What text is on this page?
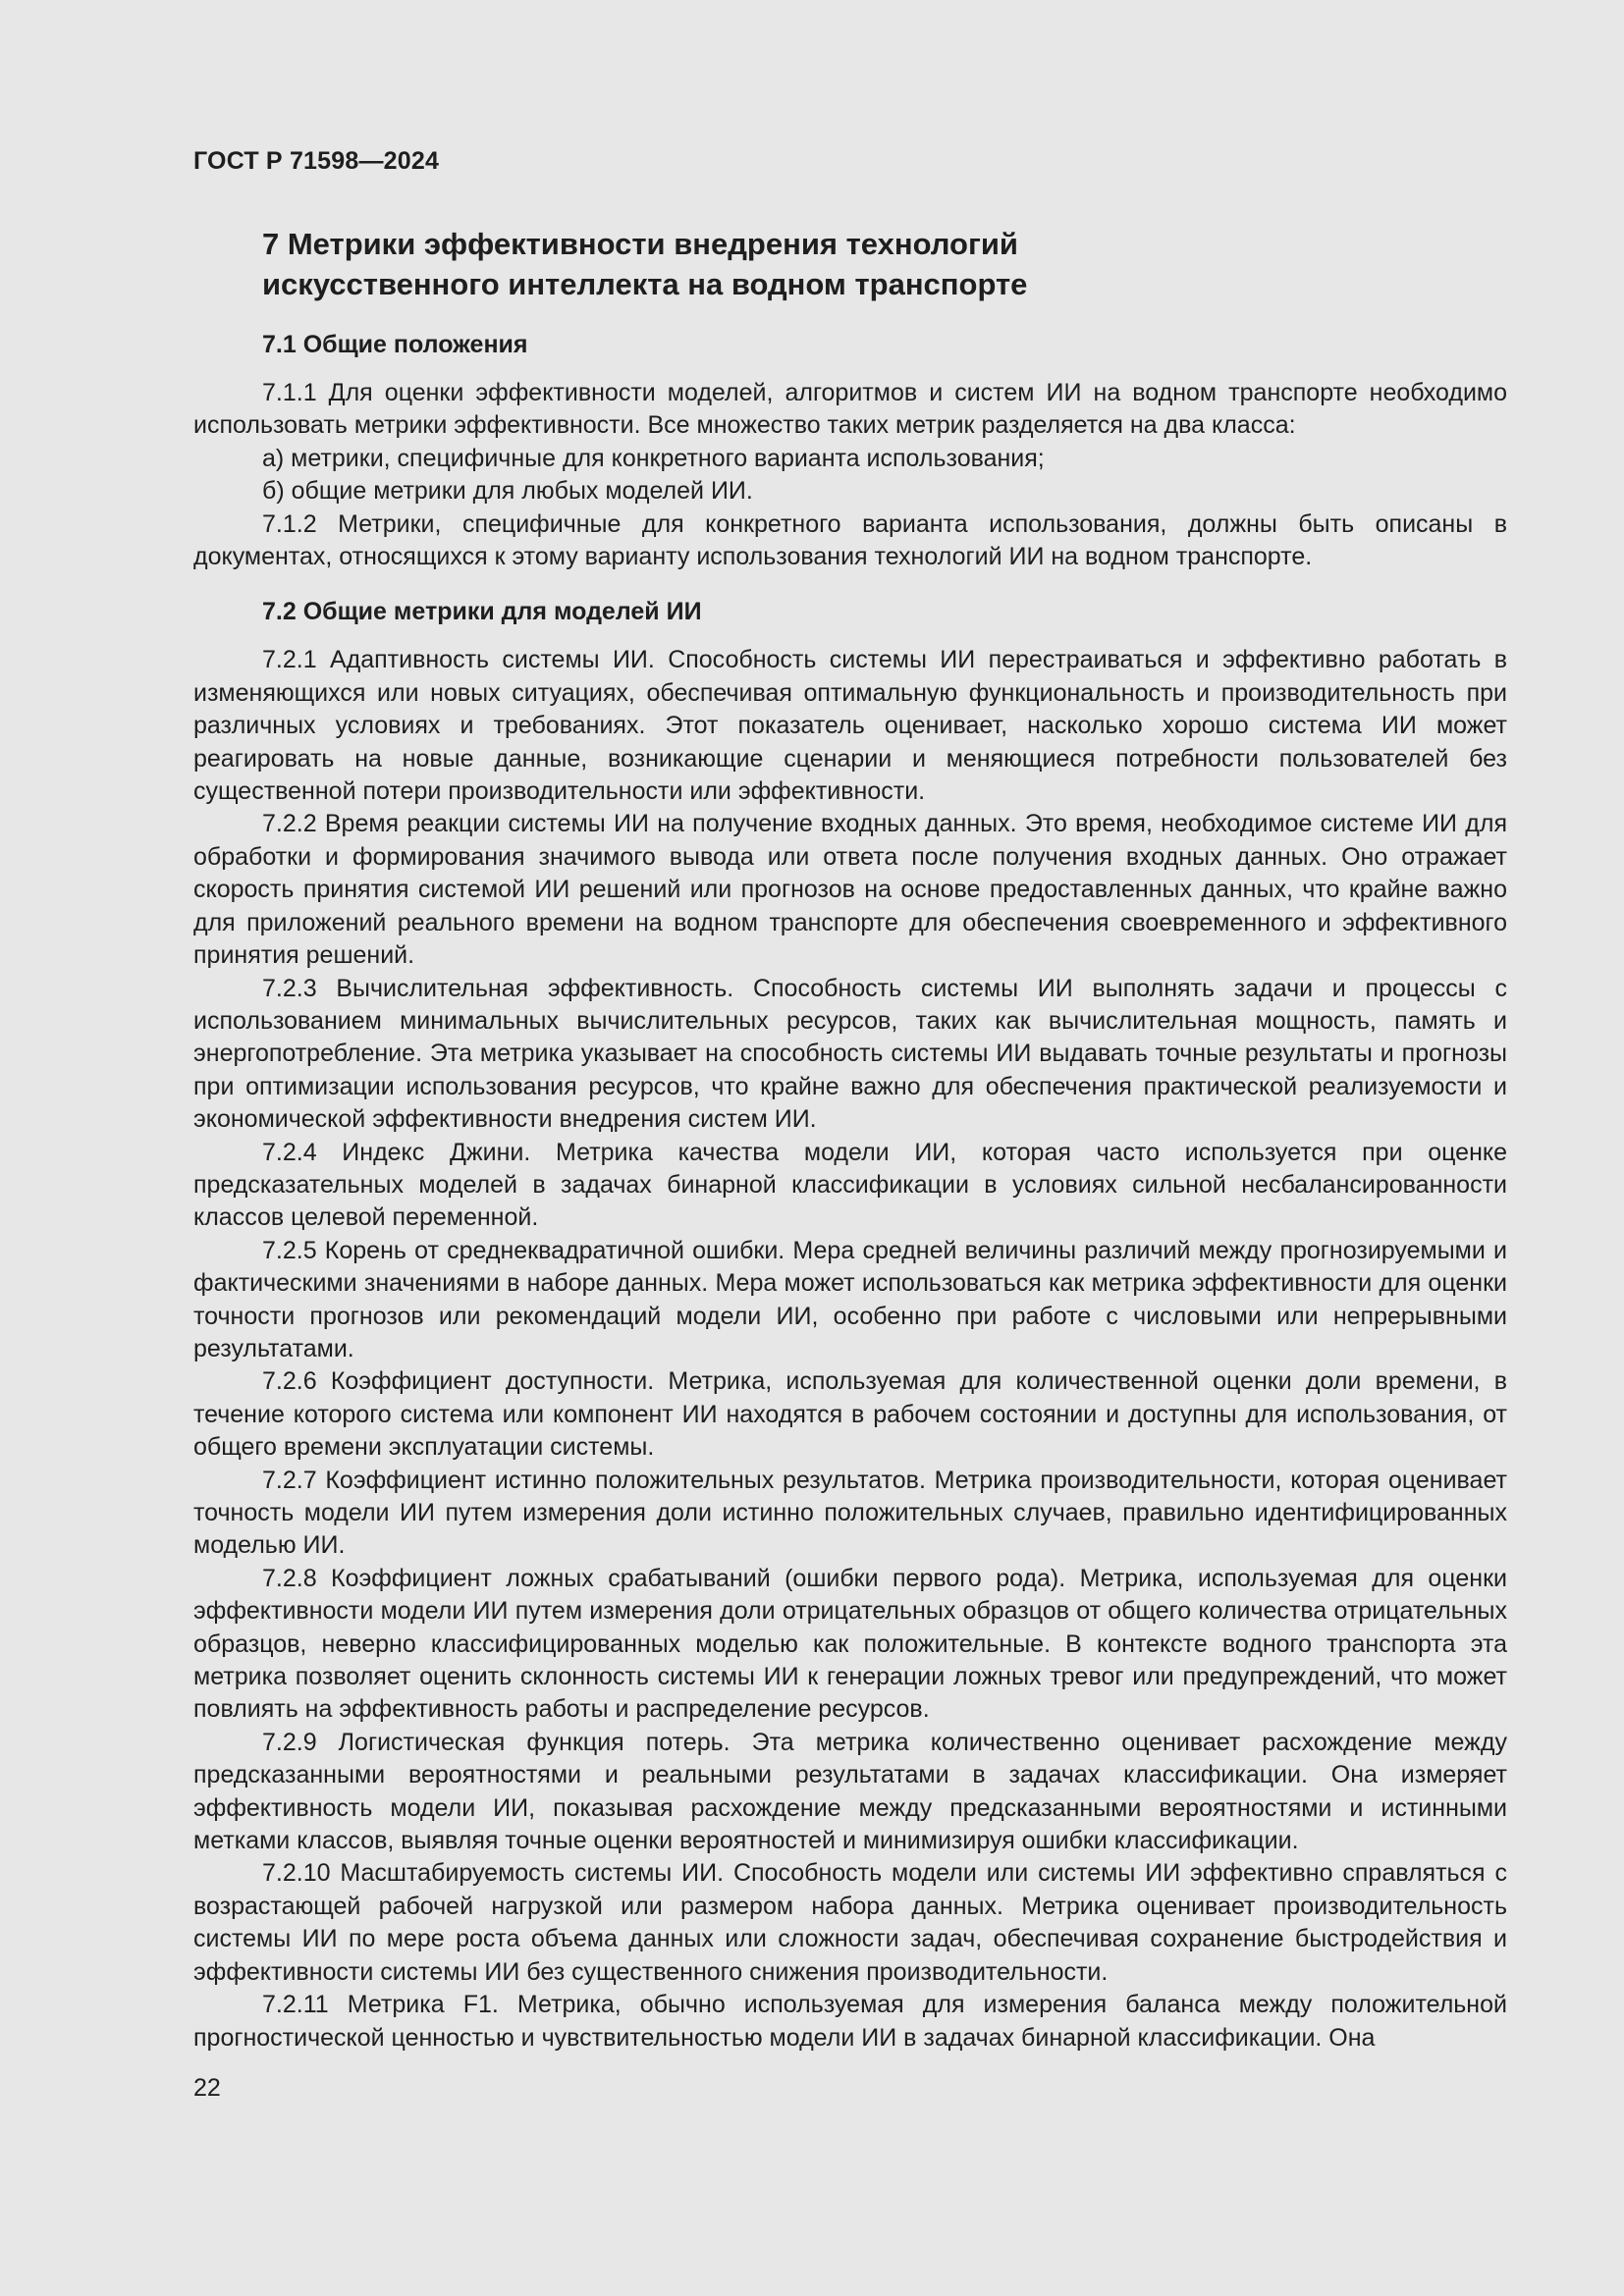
ГОСТ Р 71598—2024
7 Метрики эффективности внедрения технологий
искусственного интеллекта на водном транспорте
7.1 Общие положения

7.1.1 Для оценки эффективности моделей, алгоритмов и систем ИИ на водном транспорте необходимо использовать метрики эффективности. Все множество таких метрик разделяется на два класса:

а) метрики, специфичные для конкретного варианта использования;

б) общие метрики для любых моделей ИИ.

7.1.2 Метрики, специфичные для конкретного варианта использования, должны быть описаны в документах, относящихся к этому варианту использования технологий ИИ на водном транспорте.

7.2 Общие метрики для моделей ИИ

7.2.1 Адаптивность системы ИИ. Способность системы ИИ перестраиваться и эффективно работать в изменяющихся или новых ситуациях, обеспечивая оптимальную функциональность и производительность при различных условиях и требованиях. Этот показатель оценивает, насколько хорошо система ИИ может реагировать на новые данные, возникающие сценарии и меняющиеся потребности пользователей без существенной потери производительности или эффективности.

7.2.2 Время реакции системы ИИ на получение входных данных. Это время, необходимое системе ИИ для обработки и формирования значимого вывода или ответа после получения входных данных. Оно отражает скорость принятия системой ИИ решений или прогнозов на основе предоставленных данных, что крайне важно для приложений реального времени на водном транспорте для обеспечения своевременного и эффективного принятия решений.

7.2.3 Вычислительная эффективность. Способность системы ИИ выполнять задачи и процессы с использованием минимальных вычислительных ресурсов, таких как вычислительная мощность, память и энергопотребление. Эта метрика указывает на способность системы ИИ выдавать точные результаты и прогнозы при оптимизации использования ресурсов, что крайне важно для обеспечения практической реализуемости и экономической эффективности внедрения систем ИИ.

7.2.4 Индекс Джини. Метрика качества модели ИИ, которая часто используется при оценке предсказательных моделей в задачах бинарной классификации в условиях сильной несбалансированности классов целевой переменной.

7.2.5 Корень от среднеквадратичной ошибки. Мера средней величины различий между прогнозируемыми и фактическими значениями в наборе данных. Мера может использоваться как метрика эффективности для оценки точности прогнозов или рекомендаций модели ИИ, особенно при работе с числовыми или непрерывными результатами.

7.2.6 Коэффициент доступности. Метрика, используемая для количественной оценки доли времени, в течение которого система или компонент ИИ находятся в рабочем состоянии и доступны для использования, от общего времени эксплуатации системы.

7.2.7 Коэффициент истинно положительных результатов. Метрика производительности, которая оценивает точность модели ИИ путем измерения доли истинно положительных случаев, правильно идентифицированных моделью ИИ.

7.2.8 Коэффициент ложных срабатываний (ошибки первого рода). Метрика, используемая для оценки эффективности модели ИИ путем измерения доли отрицательных образцов от общего количества отрицательных образцов, неверно классифицированных моделью как положительные. В контексте водного транспорта эта метрика позволяет оценить склонность системы ИИ к генерации ложных тревог или предупреждений, что может повлиять на эффективность работы и распределение ресурсов.

7.2.9 Логистическая функция потерь. Эта метрика количественно оценивает расхождение между предсказанными вероятностями и реальными результатами в задачах классификации. Она измеряет эффективность модели ИИ, показывая расхождение между предсказанными вероятностями и истинными метками классов, выявляя точные оценки вероятностей и минимизируя ошибки классификации.

7.2.10 Масштабируемость системы ИИ. Способность модели или системы ИИ эффективно справляться с возрастающей рабочей нагрузкой или размером набора данных. Метрика оценивает производительность системы ИИ по мере роста объема данных или сложности задач, обеспечивая сохранение быстродействия и эффективности системы ИИ без существенного снижения производительности.

7.2.11 Метрика F1. Метрика, обычно используемая для измерения баланса между положительной прогностической ценностью и чувствительностью модели ИИ в задачах бинарной классификации. Она

22
